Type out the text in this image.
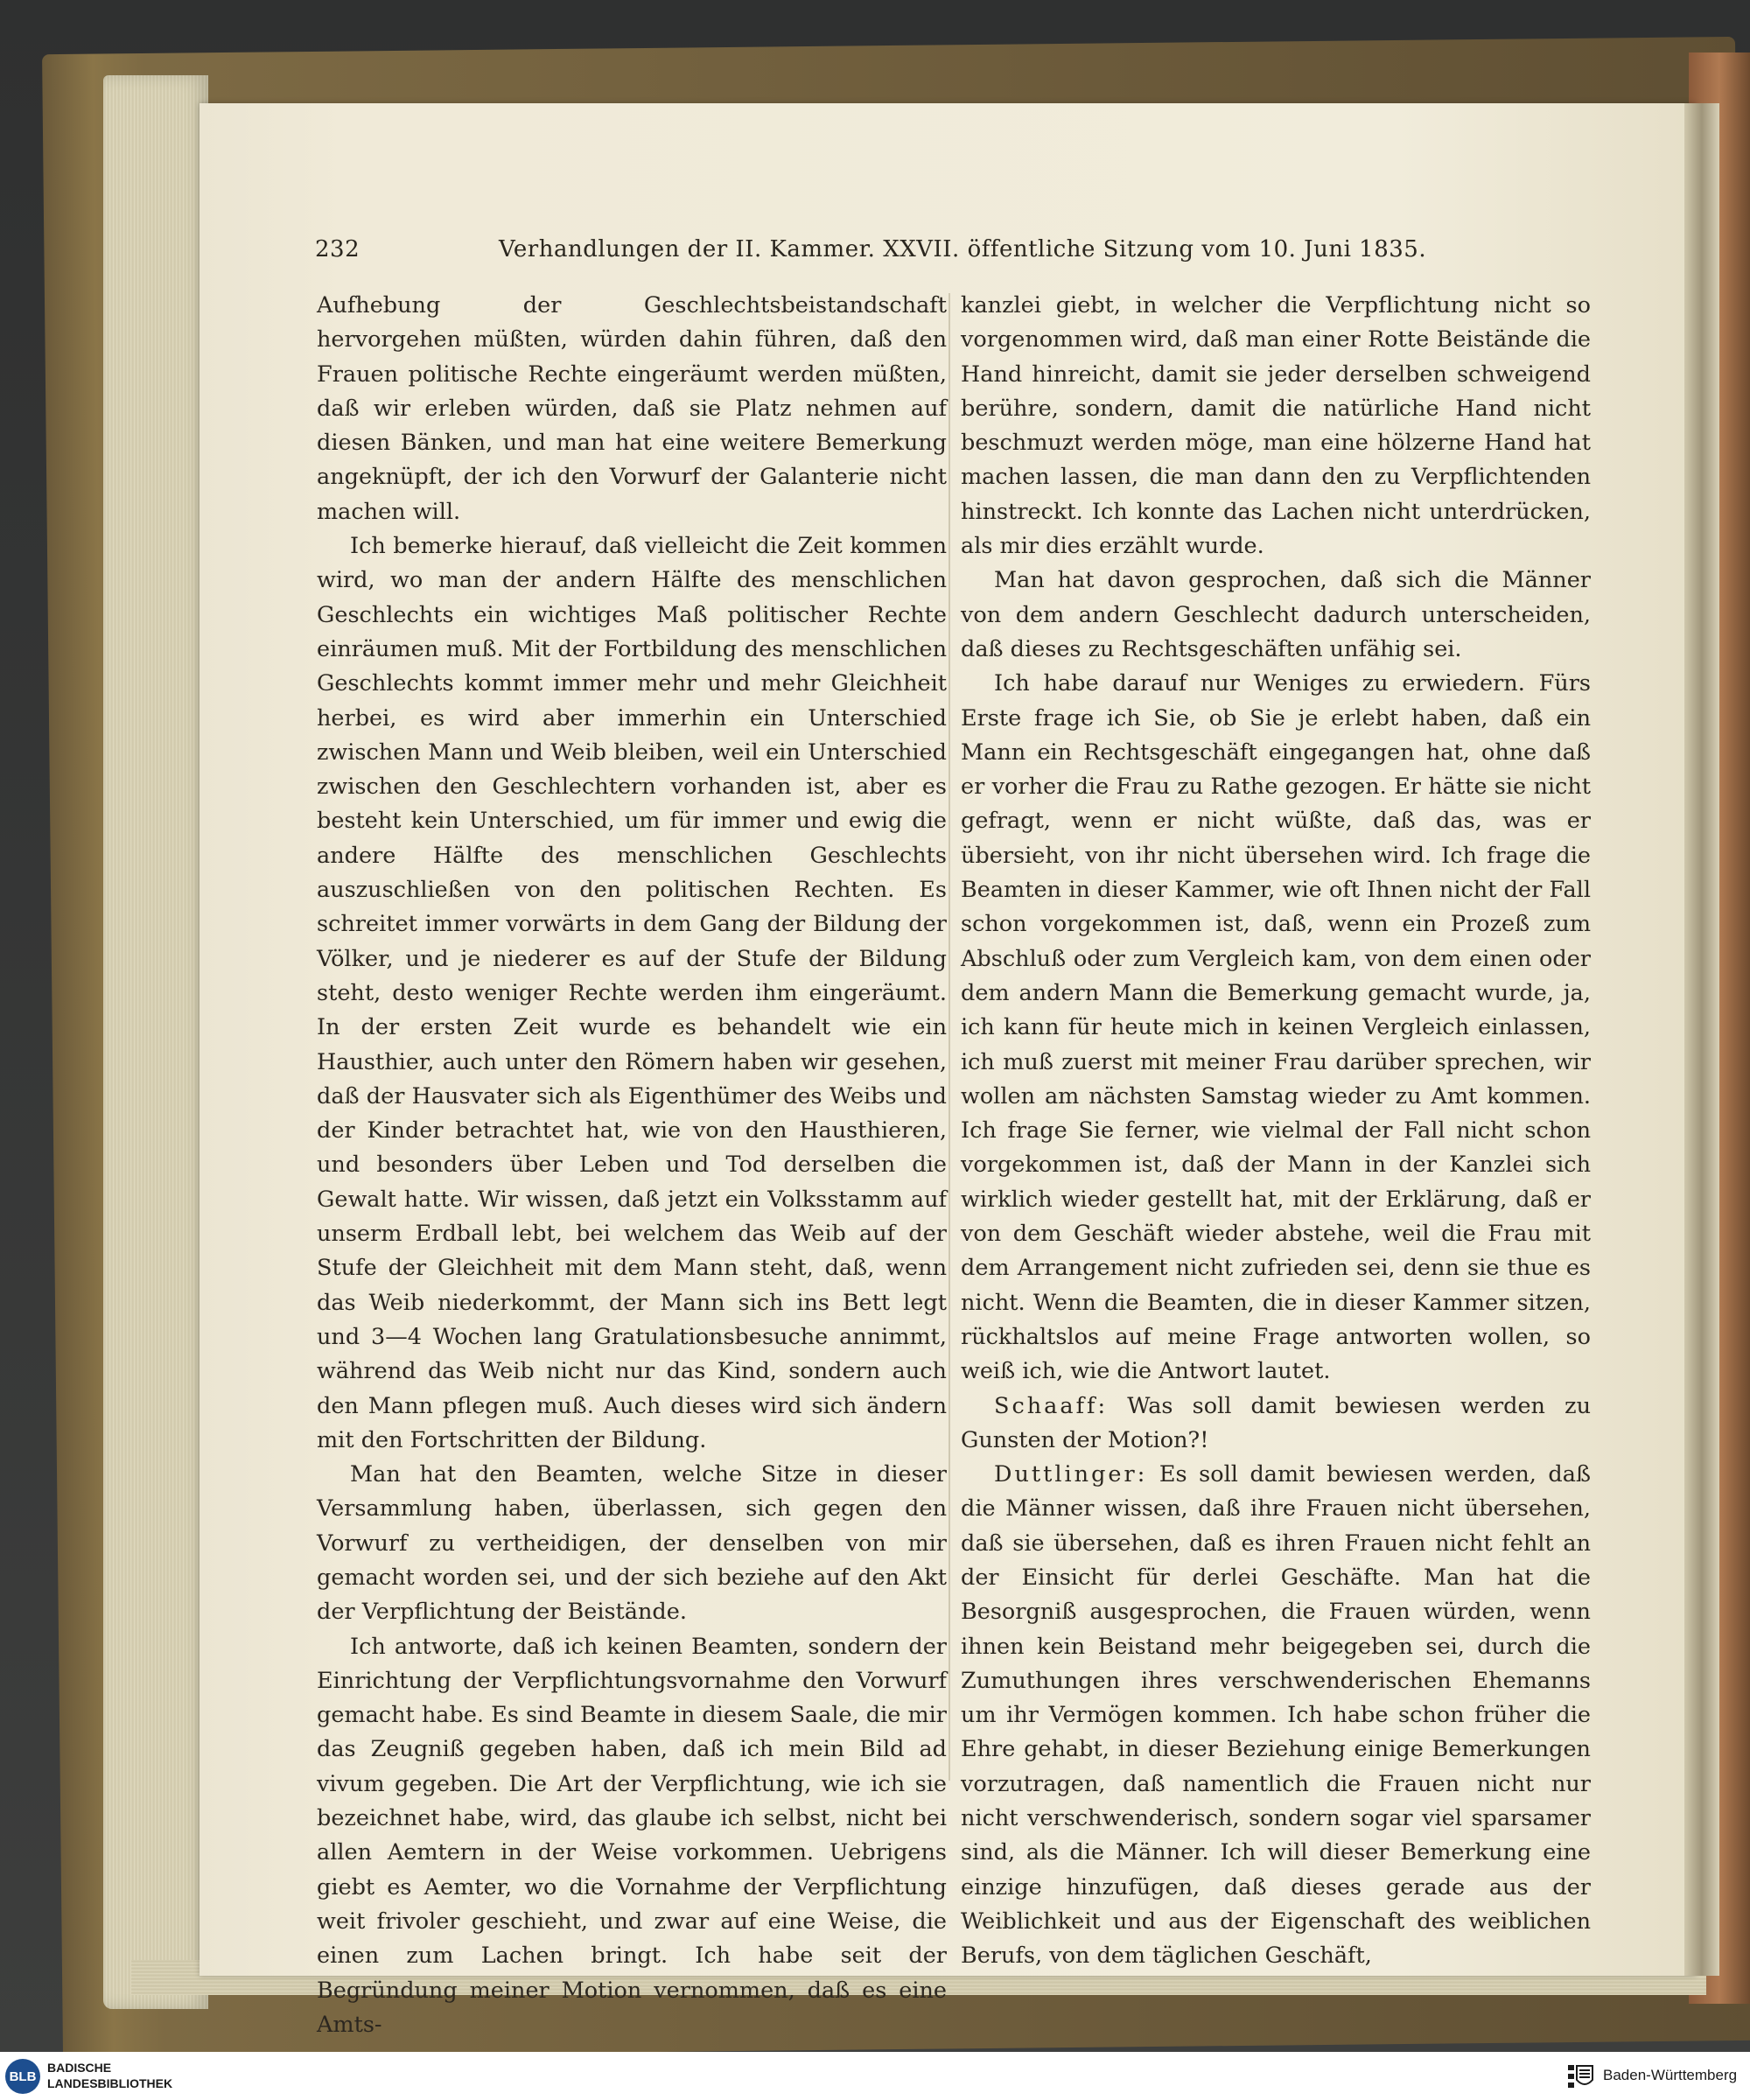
232	Verhandlungen der II. Kammer. XXVII. öffentliche Sitzung vom 10. Juni 1835.

Aufhebung der Geschlechtsbeistandschaft hervorgehen müßten, würden dahin führen, daß den Frauen politische Rechte eingeräumt werden müßten, daß wir erleben würden, daß sie Platz nehmen auf diesen Bänken, und man hat eine weitere Bemerkung angeknüpft, der ich den Vorwurf der Galanterie nicht machen will.

Ich bemerke hierauf, daß vielleicht die Zeit kommen wird, wo man der andern Hälfte des menschlichen Geschlechts ein wichtiges Maß politischer Rechte einräumen muß. Mit der Fortbildung des menschlichen Geschlechts kommt immer mehr und mehr Gleichheit herbei, es wird aber immerhin ein Unterschied zwischen Mann und Weib bleiben, weil ein Unterschied zwischen den Geschlechtern vorhanden ist, aber es besteht kein Unterschied, um für immer und ewig die andere Hälfte des menschlichen Geschlechts auszuschließen von den politischen Rechten. Es schreitet immer vorwärts in dem Gang der Bildung der Völker, und je niederer es auf der Stufe der Bildung steht, desto weniger Rechte werden ihm eingeräumt. In der ersten Zeit wurde es behandelt wie ein Hausthier, auch unter den Römern haben wir gesehen, daß der Hausvater sich als Eigenthümer des Weibs und der Kinder betrachtet hat, wie von den Hausthieren, und besonders über Leben und Tod derselben die Gewalt hatte. Wir wissen, daß jetzt ein Volksstamm auf unserm Erdball lebt, bei welchem das Weib auf der Stufe der Gleichheit mit dem Mann steht, daß, wenn das Weib niederkommt, der Mann sich ins Bett legt und 3—4 Wochen lang Gratulationsbesuche annimmt, während das Weib nicht nur das Kind, sondern auch den Mann pflegen muß. Auch dieses wird sich ändern mit den Fortschritten der Bildung.

Man hat den Beamten, welche Sitze in dieser Versammlung haben, überlassen, sich gegen den Vorwurf zu vertheidigen, der denselben von mir gemacht worden sei, und der sich beziehe auf den Akt der Verpflichtung der Beistände.

Ich antworte, daß ich keinen Beamten, sondern der Einrichtung der Verpflichtungsvornahme den Vorwurf gemacht habe. Es sind Beamte in diesem Saale, die mir das Zeugniß gegeben haben, daß ich mein Bild ad vivum gegeben. Die Art der Verpflichtung, wie ich sie bezeichnet habe, wird, das glaube ich selbst, nicht bei allen Aemtern in der Weise vorkommen. Uebrigens giebt es Aemter, wo die Vornahme der Verpflichtung weit frivoler geschieht, und zwar auf eine Weise, die einen zum Lachen bringt. Ich habe seit der Begründung meiner Motion vernommen, daß es eine Amts-

kanzlei giebt, in welcher die Verpflichtung nicht so vorgenommen wird, daß man einer Rotte Beistände die Hand hinreicht, damit sie jeder derselben schweigend berühre, sondern, damit die natürliche Hand nicht beschmuzt werden möge, man eine hölzerne Hand hat machen lassen, die man dann den zu Verpflichtenden hinstreckt. Ich konnte das Lachen nicht unterdrücken, als mir dies erzählt wurde.

Man hat davon gesprochen, daß sich die Männer von dem andern Geschlecht dadurch unterscheiden, daß dieses zu Rechtsgeschäften unfähig sei.

Ich habe darauf nur Weniges zu erwiedern. Fürs Erste frage ich Sie, ob Sie je erlebt haben, daß ein Mann ein Rechtsgeschäft eingegangen hat, ohne daß er vorher die Frau zu Rathe gezogen. Er hätte sie nicht gefragt, wenn er nicht wüßte, daß das, was er übersieht, von ihr nicht übersehen wird. Ich frage die Beamten in dieser Kammer, wie oft Ihnen nicht der Fall schon vorgekommen ist, daß, wenn ein Prozeß zum Abschluß oder zum Vergleich kam, von dem einen oder dem andern Mann die Bemerkung gemacht wurde, ja, ich kann für heute mich in keinen Vergleich einlassen, ich muß zuerst mit meiner Frau darüber sprechen, wir wollen am nächsten Samstag wieder zu Amt kommen. Ich frage Sie ferner, wie vielmal der Fall nicht schon vorgekommen ist, daß der Mann in der Kanzlei sich wirklich wieder gestellt hat, mit der Erklärung, daß er von dem Geschäft wieder abstehe, weil die Frau mit dem Arrangement nicht zufrieden sei, denn sie thue es nicht. Wenn die Beamten, die in dieser Kammer sitzen, rückhaltslos auf meine Frage antworten wollen, so weiß ich, wie die Antwort lautet.

Schaaff: Was soll damit bewiesen werden zu Gunsten der Motion?!

Duttlinger: Es soll damit bewiesen werden, daß die Männer wissen, daß ihre Frauen nicht übersehen, daß sie übersehen, daß es ihren Frauen nicht fehlt an der Einsicht für derlei Geschäfte. Man hat die Besorgniß ausgesprochen, die Frauen würden, wenn ihnen kein Beistand mehr beigegeben sei, durch die Zumuthungen ihres verschwenderischen Ehemanns um ihr Vermögen kommen. Ich habe schon früher die Ehre gehabt, in dieser Beziehung einige Bemerkungen vorzutragen, daß namentlich die Frauen nicht nur nicht verschwenderisch, sondern sogar viel sparsamer sind, als die Männer. Ich will dieser Bemerkung eine einzige hinzufügen, daß dieses gerade aus der Weiblichkeit und aus der Eigenschaft des weiblichen Berufs, von dem täglichen Geschäft,

BLB
BADISCHE
LANDESBIBLIOTHEK	Baden-Württemberg
